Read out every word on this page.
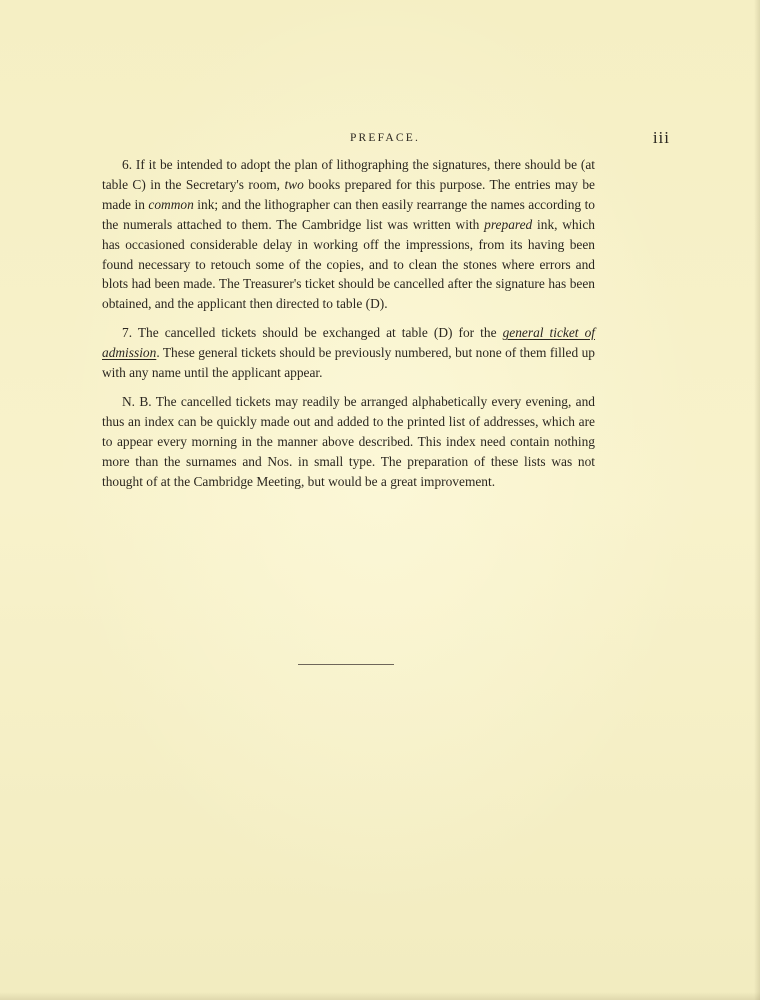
PREFACE.	iii

6. If it be intended to adopt the plan of lithographing the signatures, there should be (at table C) in the Secretary's room, two books prepared for this purpose. The entries may be made in common ink; and the lithographer can then easily rearrange the names according to the numerals attached to them. The Cambridge list was written with prepared ink, which has occasioned considerable delay in working off the impressions, from its having been found necessary to retouch some of the copies, and to clean the stones where errors and blots had been made. The Treasurer's ticket should be cancelled after the signature has been obtained, and the applicant then directed to table (D).

7. The cancelled tickets should be exchanged at table (D) for the general ticket of admission. These general tickets should be previously numbered, but none of them filled up with any name until the applicant appear.

N. B. The cancelled tickets may readily be arranged alphabetically every evening, and thus an index can be quickly made out and added to the printed list of addresses, which are to appear every morning in the manner above described. This index need contain nothing more than the surnames and Nos. in small type. The preparation of these lists was not thought of at the Cambridge Meeting, but would be a great improvement.
